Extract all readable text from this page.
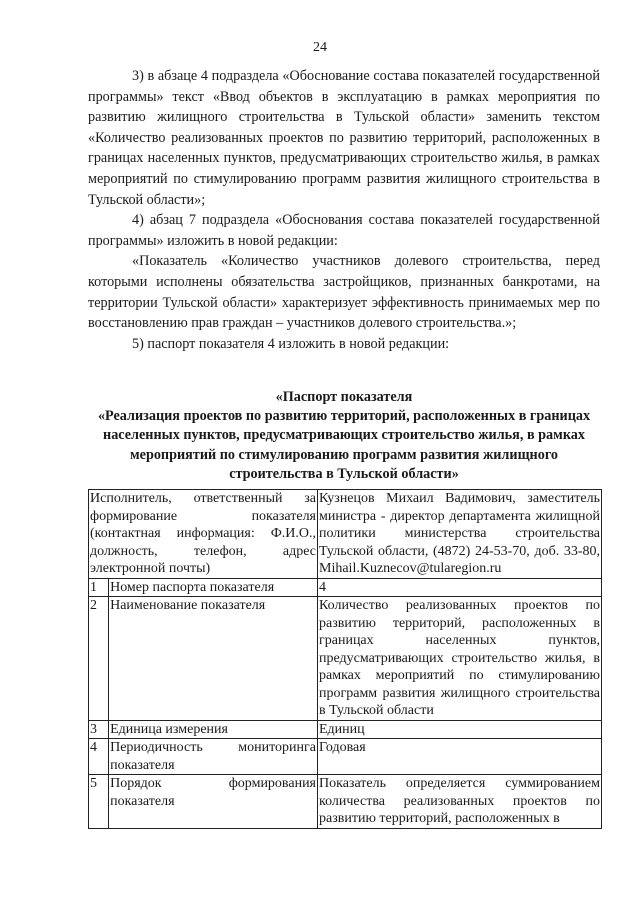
24

3) в абзаце 4 подраздела «Обоснование состава показателей государственной программы» текст «Ввод объектов в эксплуатацию в рамках мероприятия по развитию жилищного строительства в Тульской области» заменить текстом «Количество реализованных проектов по развитию территорий, расположенных в границах населенных пунктов, предусматривающих строительство жилья, в рамках мероприятий по стимулированию программ развития жилищного строительства в Тульской области»;

4) абзац 7 подраздела «Обоснования состава показателей государственной программы» изложить в новой редакции:

«Показатель «Количество участников долевого строительства, перед которыми исполнены обязательства застройщиков, признанных банкротами, на территории Тульской области» характеризует эффективность принимаемых мер по восстановлению прав граждан – участников долевого строительства.»;

5) паспорт показателя 4 изложить в новой редакции:

«Паспорт показателя
«Реализация проектов по развитию территорий, расположенных в границах населенных пунктов, предусматривающих строительство жилья, в рамках мероприятий по стимулированию программ развития жилищного строительства в Тульской области»
Исполнитель, ответственный за формирование показателя (контактная информация: Ф.И.О., должность, телефон, адрес электронной почты)		Кузнецов Михаил Вадимович, заместитель министра - директор департамента жилищной политики министерства строительства Тульской области, (4872) 24-53-70, доб. 33-80, Mihail.Kuznecov@tularegion.ru
1	Номер паспорта показателя	4
2	Наименование показателя	Количество реализованных проектов по развитию территорий, расположенных в границах населенных пунктов, предусматривающих строительство жилья, в рамках мероприятий по стимулированию программ развития жилищного строительства в Тульской области
3	Единица измерения	Единиц
4	Периодичность мониторинга показателя	Годовая
5	Порядок формирования показателя	Показатель определяется суммированием количества реализованных проектов по развитию территорий, расположенных в
